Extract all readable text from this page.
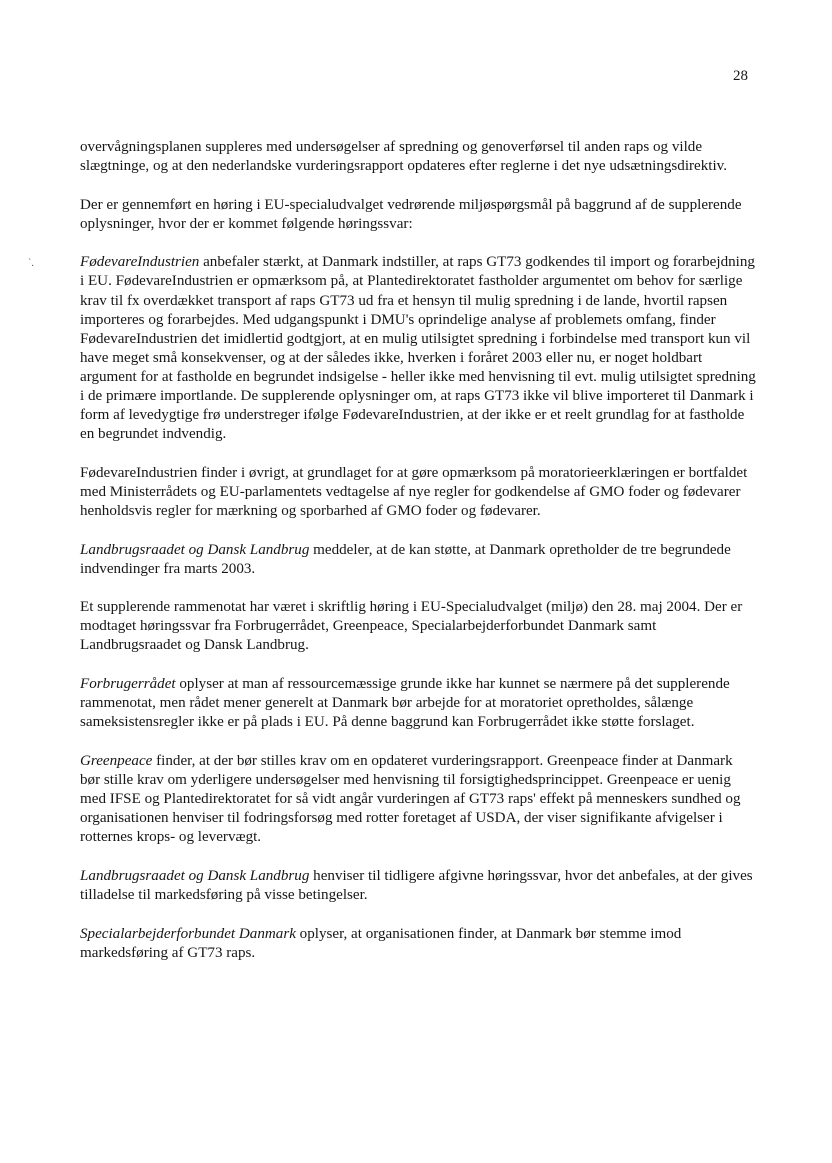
28
`.

overvågningsplanen suppleres med undersøgelser af spredning og genoverførsel til anden raps og vilde slægtninge, og at den nederlandske vurderingsrapport opdateres efter reglerne i det nye udsætningsdirektiv.

Der er gennemført en høring i EU-specialudvalget vedrørende miljøspørgsmål på baggrund af de supplerende oplysninger, hvor der er kommet følgende høringssvar:

FødevareIndustrien anbefaler stærkt, at Danmark indstiller, at raps GT73 godkendes til import og forarbejdning i EU. FødevareIndustrien er opmærksom på, at Plantedirektoratet fastholder argumentet om behov for særlige krav til fx overdækket transport af raps GT73 ud fra et hensyn til mulig spredning i de lande, hvortil rapsen importeres og forarbejdes. Med udgangspunkt i DMU's oprindelige analyse af problemets omfang, finder FødevareIndustrien det imidlertid godtgjort, at en mulig utilsigtet spredning i forbindelse med transport kun vil have meget små konsekvenser, og at der således ikke, hverken i foråret 2003 eller nu, er noget holdbart argument for at fastholde en begrundet indsigelse - heller ikke med henvisning til evt. mulig utilsigtet spredning i de primære importlande. De supplerende oplysninger om, at raps GT73 ikke vil blive importeret til Danmark i form af levedygtige frø understreger ifølge FødevareIndustrien, at der ikke er et reelt grundlag for at fastholde en begrundet indvendig.

FødevareIndustrien finder i øvrigt, at grundlaget for at gøre opmærksom på moratorieerklæringen er bortfaldet med Ministerrådets og EU-parlamentets vedtagelse af nye regler for godkendelse af GMO foder og fødevarer henholdsvis regler for mærkning og sporbarhed af GMO foder og fødevarer.

Landbrugsraadet og Dansk Landbrug meddeler, at de kan støtte, at Danmark opretholder de tre begrundede indvendinger fra marts 2003.

Et supplerende rammenotat har været i skriftlig høring i EU-Specialudvalget (miljø) den 28. maj 2004. Der er modtaget høringssvar fra Forbrugerrådet, Greenpeace, Specialarbejderforbundet Danmark samt Landbrugsraadet og Dansk Landbrug.

Forbrugerrådet oplyser at man af ressourcemæssige grunde ikke har kunnet se nærmere på det supplerende rammenotat, men rådet mener generelt at Danmark bør arbejde for at moratoriet opretholdes, sålænge sameksistensregler ikke er på plads i EU. På denne baggrund kan Forbrugerrådet ikke støtte forslaget.

Greenpeace finder, at der bør stilles krav om en opdateret vurderingsrapport. Greenpeace finder at Danmark bør stille krav om yderligere undersøgelser med henvisning til forsigtighedsprincippet. Greenpeace er uenig med IFSE og Plantedirektoratet for så vidt angår vurderingen af GT73 raps' effekt på menneskers sundhed og organisationen henviser til fodringsforsøg med rotter foretaget af USDA, der viser signifikante afvigelser i rotternes krops- og levervægt.

Landbrugsraadet og Dansk Landbrug henviser til tidligere afgivne høringssvar, hvor det anbefales, at der gives tilladelse til markedsføring på visse betingelser.

Specialarbejderforbundet Danmark oplyser, at organisationen finder, at Danmark bør stemme imod markedsføring af GT73 raps.
